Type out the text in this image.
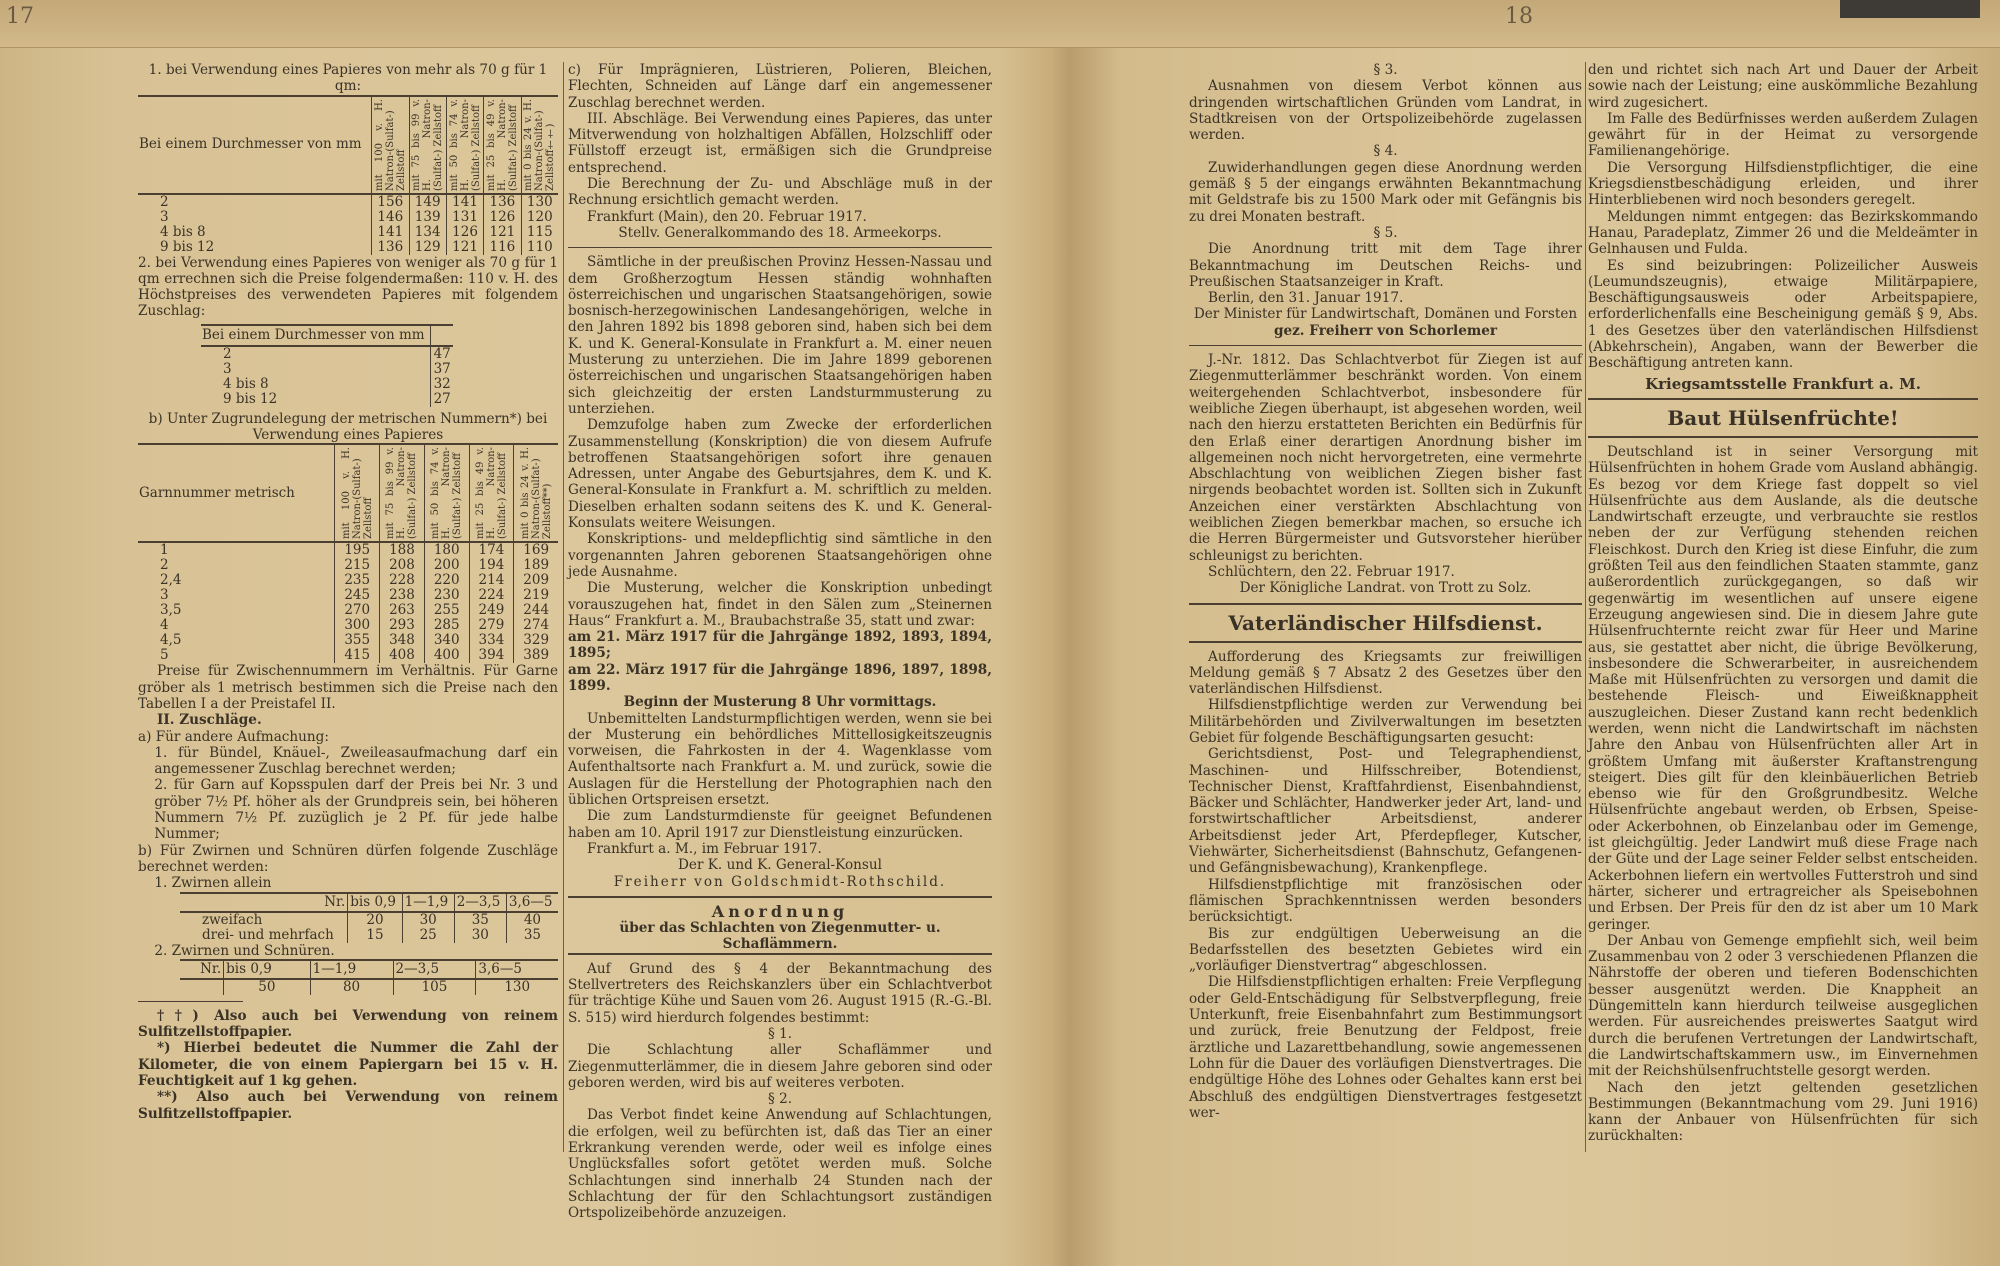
17	18

1. bei Verwendung eines Papieres von mehr als 70 g für 1 qm:

Bei einem Durchmesser von mm	mit 100 v. H. Natron-(Sulfat-) Zellstoff	mit 75 bis 99 v. H. Natron-(Sulfat-) Zellstoff	mit 50 bis 74 v. H. Natron-(Sulfat-) Zellstoff	mit 25 bis 49 v. H. Natron-(Sulfat-) Zellstoff	mit 0 bis 24 v. H. Natron-(Sulfat-) Zellstoff††)

2	156	149	141	136	130
3	146	139	131	126	120
4 bis 8	141	134	126	121	115
9 bis 12	136	129	121	116	110

2. bei Verwendung eines Papieres von weniger als 70 g für 1 qm errechnen sich die Preise folgendermaßen: 110 v. H. des Höchstpreises des verwendeten Papieres mit folgendem Zuschlag:

Bei einem Durchmesser von mm	
2	47
3	37
4 bis 8	32
9 bis 12	27

b) Unter Zugrundelegung der metrischen Nummern*) bei Verwendung eines Papieres

Garnnummer metrisch	mit 100 v. H. Natron-(Sulfat-) Zellstoff	mit 75 bis 99 v. H. Natron-(Sulfat-) Zellstoff	mit 50 bis 74 v. H. Natron-(Sulfat-) Zellstoff	mit 25 bis 49 v. H. Natron-(Sulfat-) Zellstoff	mit 0 bis 24 v. H. Natron-(Sulfat-) Zellstoff**)

1	195	188	180	174	169
2	215	208	200	194	189
2,4	235	228	220	214	209
3	245	238	230	224	219
3,5	270	263	255	249	244
4	300	293	285	279	274
4,5	355	348	340	334	329
5	415	408	400	394	389

Preise für Zwischennummern im Verhältnis. Für Garne gröber als 1 metrisch bestimmen sich die Preise nach den Tabellen I a der Preistafel II.

II. Zuschläge.

a) Für andere Aufmachung:

1. für Bündel, Knäuel-, Zweileasaufmachung darf ein angemessener Zuschlag berechnet werden;

2. für Garn auf Kopsspulen darf der Preis bei Nr. 3 und gröber 7½ Pf. höher als der Grundpreis sein, bei höheren Nummern 7½ Pf. zuzüglich je 2 Pf. für jede halbe Nummer;

b) Für Zwirnen und Schnüren dürfen folgende Zuschläge berechnet werden:

1. Zwirnen allein

Nr.	bis 0,9	1—1,9	2—3,5	3,6—5
zweifach	20	30	35	40
drei- und mehrfach	15	25	30	35

2. Zwirnen und Schnüren.

Nr.	bis 0,9	1—1,9	2—3,5	3,6—5
	50	80	105	130

††) Also auch bei Verwendung von reinem Sulfitzellstoffpapier.

*) Hierbei bedeutet die Nummer die Zahl der Kilometer, die von einem Papiergarn bei 15 v. H. Feuchtigkeit auf 1 kg gehen.

**) Also auch bei Verwendung von reinem Sulfitzellstoffpapier.

c) Für Imprägnieren, Lüstrieren, Polieren, Bleichen, Flechten, Schneiden auf Länge darf ein angemessener Zuschlag berechnet werden.

III. Abschläge. Bei Verwendung eines Papieres, das unter Mitverwendung von holzhaltigen Abfällen, Holzschliff oder Füllstoff erzeugt ist, ermäßigen sich die Grundpreise entsprechend.

Die Berechnung der Zu- und Abschläge muß in der Rechnung ersichtlich gemacht werden.

Frankfurt (Main), den 20. Februar 1917.

Stellv. Generalkommando des 18. Armeekorps.

Sämtliche in der preußischen Provinz Hessen-Nassau und dem Großherzogtum Hessen ständig wohnhaften österreichischen und ungarischen Staatsangehörigen, sowie bosnisch-herzegowinischen Landesangehörigen, welche in den Jahren 1892 bis 1898 geboren sind, haben sich bei dem K. und K. General-Konsulate in Frankfurt a. M. einer neuen Musterung zu unterziehen. Die im Jahre 1899 geborenen österreichischen und ungarischen Staatsangehörigen haben sich gleichzeitig der ersten Landsturmmusterung zu unterziehen.

Demzufolge haben zum Zwecke der erforderlichen Zusammenstellung (Konskription) die von diesem Aufrufe betroffenen Staatsangehörigen sofort ihre genauen Adressen, unter Angabe des Geburtsjahres, dem K. und K. General-Konsulate in Frankfurt a. M. schriftlich zu melden. Dieselben erhalten sodann seitens des K. und K. General-Konsulats weitere Weisungen.

Konskriptions- und meldepflichtig sind sämtliche in den vorgenannten Jahren geborenen Staatsangehörigen ohne jede Ausnahme.

Die Musterung, welcher die Konskription unbedingt vorauszugehen hat, findet in den Sälen zum „Steinernen Haus“ Frankfurt a. M., Braubachstraße 35, statt und zwar:

am 21. März 1917 für die Jahrgänge 1892, 1893, 1894, 1895;

am 22. März 1917 für die Jahrgänge 1896, 1897, 1898, 1899.

Beginn der Musterung 8 Uhr vormittags.

Unbemittelten Landsturmpflichtigen werden, wenn sie bei der Musterung ein behördliches Mittellosigkeitszeugnis vorweisen, die Fahrkosten in der 4. Wagenklasse vom Aufenthaltsorte nach Frankfurt a. M. und zurück, sowie die Auslagen für die Herstellung der Photographien nach den üblichen Ortspreisen ersetzt.

Die zum Landsturmdienste für geeignet Befundenen haben am 10. April 1917 zur Dienstleistung einzurücken.

Frankfurt a. M., im Februar 1917.

Der K. und K. General-Konsul

Freiherr von Goldschmidt-Rothschild.

Anordnung

über das Schlachten von Ziegenmutter- u. Schaflämmern.

Auf Grund des § 4 der Bekanntmachung des Stellvertreters des Reichskanzlers über ein Schlachtverbot für trächtige Kühe und Sauen vom 26. August 1915 (R.-G.-Bl. S. 515) wird hierdurch folgendes bestimmt:

§ 1.

Die Schlachtung aller Schaflämmer und Ziegenmutterlämmer, die in diesem Jahre geboren sind oder geboren werden, wird bis auf weiteres verboten.

§ 2.

Das Verbot findet keine Anwendung auf Schlachtungen, die erfolgen, weil zu befürchten ist, daß das Tier an einer Erkrankung verenden werde, oder weil es infolge eines Unglücksfalles sofort getötet werden muß. Solche Schlachtungen sind innerhalb 24 Stunden nach der Schlachtung der für den Schlachtungsort zuständigen Ortspolizeibehörde anzuzeigen.

§ 3.

Ausnahmen von diesem Verbot können aus dringenden wirtschaftlichen Gründen vom Landrat, in Stadtkreisen von der Ortspolizeibehörde zugelassen werden.

§ 4.

Zuwiderhandlungen gegen diese Anordnung werden gemäß § 5 der eingangs erwähnten Bekanntmachung mit Geldstrafe bis zu 1500 Mark oder mit Gefängnis bis zu drei Monaten bestraft.

§ 5.

Die Anordnung tritt mit dem Tage ihrer Bekanntmachung im Deutschen Reichs- und Preußischen Staatsanzeiger in Kraft.

Berlin, den 31. Januar 1917.

Der Minister für Landwirtschaft, Domänen und Forsten

gez. Freiherr von Schorlemer

J.-Nr. 1812. Das Schlachtverbot für Ziegen ist auf Ziegenmutterlämmer beschränkt worden. Von einem weitergehenden Schlachtverbot, insbesondere für weibliche Ziegen überhaupt, ist abgesehen worden, weil nach den hierzu erstatteten Berichten ein Bedürfnis für den Erlaß einer derartigen Anordnung bisher im allgemeinen noch nicht hervorgetreten, eine vermehrte Abschlachtung von weiblichen Ziegen bisher fast nirgends beobachtet worden ist. Sollten sich in Zukunft Anzeichen einer verstärkten Abschlachtung von weiblichen Ziegen bemerkbar machen, so ersuche ich die Herren Bürgermeister und Gutsvorsteher hierüber schleunigst zu berichten.

Schlüchtern, den 22. Februar 1917.

Der Königliche Landrat. von Trott zu Solz.

Vaterländischer Hilfsdienst.

Aufforderung des Kriegsamts zur freiwilligen Meldung gemäß § 7 Absatz 2 des Gesetzes über den vaterländischen Hilfsdienst.

Hilfsdienstpflichtige werden zur Verwendung bei Militärbehörden und Zivilverwaltungen im besetzten Gebiet für folgende Beschäftigungsarten gesucht:

Gerichtsdienst, Post- und Telegraphendienst, Maschinen- und Hilfsschreiber, Botendienst, Technischer Dienst, Kraftfahrdienst, Eisenbahndienst, Bäcker und Schlächter, Handwerker jeder Art, land- und forstwirtschaftlicher Arbeitsdienst, anderer Arbeitsdienst jeder Art, Pferdepfleger, Kutscher, Viehwärter, Sicherheitsdienst (Bahnschutz, Gefangenen- und Gefängnisbewachung), Krankenpflege.

Hilfsdienstpflichtige mit französischen oder flämischen Sprachkenntnissen werden besonders berücksichtigt.

Bis zur endgültigen Ueberweisung an die Bedarfsstellen des besetzten Gebietes wird ein „vorläufiger Dienstvertrag“ abgeschlossen.

Die Hilfsdienstpflichtigen erhalten: Freie Verpflegung oder Geld-Entschädigung für Selbstverpflegung, freie Unterkunft, freie Eisenbahnfahrt zum Bestimmungsort und zurück, freie Benutzung der Feldpost, freie ärztliche und Lazarettbehandlung, sowie angemessenen Lohn für die Dauer des vorläufigen Dienstvertrages. Die endgültige Höhe des Lohnes oder Gehaltes kann erst bei Abschluß des endgültigen Dienstvertrages festgesetzt wer-

den und richtet sich nach Art und Dauer der Arbeit sowie nach der Leistung; eine auskömmliche Bezahlung wird zugesichert.

Im Falle des Bedürfnisses werden außerdem Zulagen gewährt für in der Heimat zu versorgende Familienangehörige.

Die Versorgung Hilfsdienstpflichtiger, die eine Kriegsdienstbeschädigung erleiden, und ihrer Hinterbliebenen wird noch besonders geregelt.

Meldungen nimmt entgegen: das Bezirkskommando Hanau, Paradeplatz, Zimmer 26 und die Meldeämter in Gelnhausen und Fulda.

Es sind beizubringen: Polizeilicher Ausweis (Leumundszeugnis), etwaige Militärpapiere, Beschäftigungsausweis oder Arbeitspapiere, erforderlichenfalls eine Bescheinigung gemäß § 9, Abs. 1 des Gesetzes über den vaterländischen Hilfsdienst (Abkehrschein), Angaben, wann der Bewerber die Beschäftigung antreten kann.

Kriegsamtsstelle Frankfurt a. M.

Baut Hülsenfrüchte!

Deutschland ist in seiner Versorgung mit Hülsenfrüchten in hohem Grade vom Ausland abhängig. Es bezog vor dem Kriege fast doppelt so viel Hülsenfrüchte aus dem Auslande, als die deutsche Landwirtschaft erzeugte, und verbrauchte sie restlos neben der zur Verfügung stehenden reichen Fleischkost. Durch den Krieg ist diese Einfuhr, die zum größten Teil aus den feindlichen Staaten stammte, ganz außerordentlich zurückgegangen, so daß wir gegenwärtig im wesentlichen auf unsere eigene Erzeugung angewiesen sind. Die in diesem Jahre gute Hülsenfruchternte reicht zwar für Heer und Marine aus, sie gestattet aber nicht, die übrige Bevölkerung, insbesondere die Schwerarbeiter, in ausreichendem Maße mit Hülsenfrüchten zu versorgen und damit die bestehende Fleisch- und Eiweißknappheit auszugleichen. Dieser Zustand kann recht bedenklich werden, wenn nicht die Landwirtschaft im nächsten Jahre den Anbau von Hülsenfrüchten aller Art in größtem Umfang mit äußerster Kraftanstrengung steigert. Dies gilt für den kleinbäuerlichen Betrieb ebenso wie für den Großgrundbesitz. Welche Hülsenfrüchte angebaut werden, ob Erbsen, Speise- oder Ackerbohnen, ob Einzelanbau oder im Gemenge, ist gleichgültig. Jeder Landwirt muß diese Frage nach der Güte und der Lage seiner Felder selbst entscheiden. Ackerbohnen liefern ein wertvolles Futterstroh und sind härter, sicherer und ertragreicher als Speisebohnen und Erbsen. Der Preis für den dz ist aber um 10 Mark geringer.

Der Anbau von Gemenge empfiehlt sich, weil beim Zusammenbau von 2 oder 3 verschiedenen Pflanzen die Nährstoffe der oberen und tieferen Bodenschichten besser ausgenützt werden. Die Knappheit an Düngemitteln kann hierdurch teilweise ausgeglichen werden. Für ausreichendes preiswertes Saatgut wird durch die berufenen Vertretungen der Landwirtschaft, die Landwirtschaftskammern usw., im Einvernehmen mit der Reichshülsenfruchtstelle gesorgt werden.

Nach den jetzt geltenden gesetzlichen Bestimmungen (Bekanntmachung vom 29. Juni 1916) kann der Anbauer von Hülsenfrüchten für sich zurückhalten:
